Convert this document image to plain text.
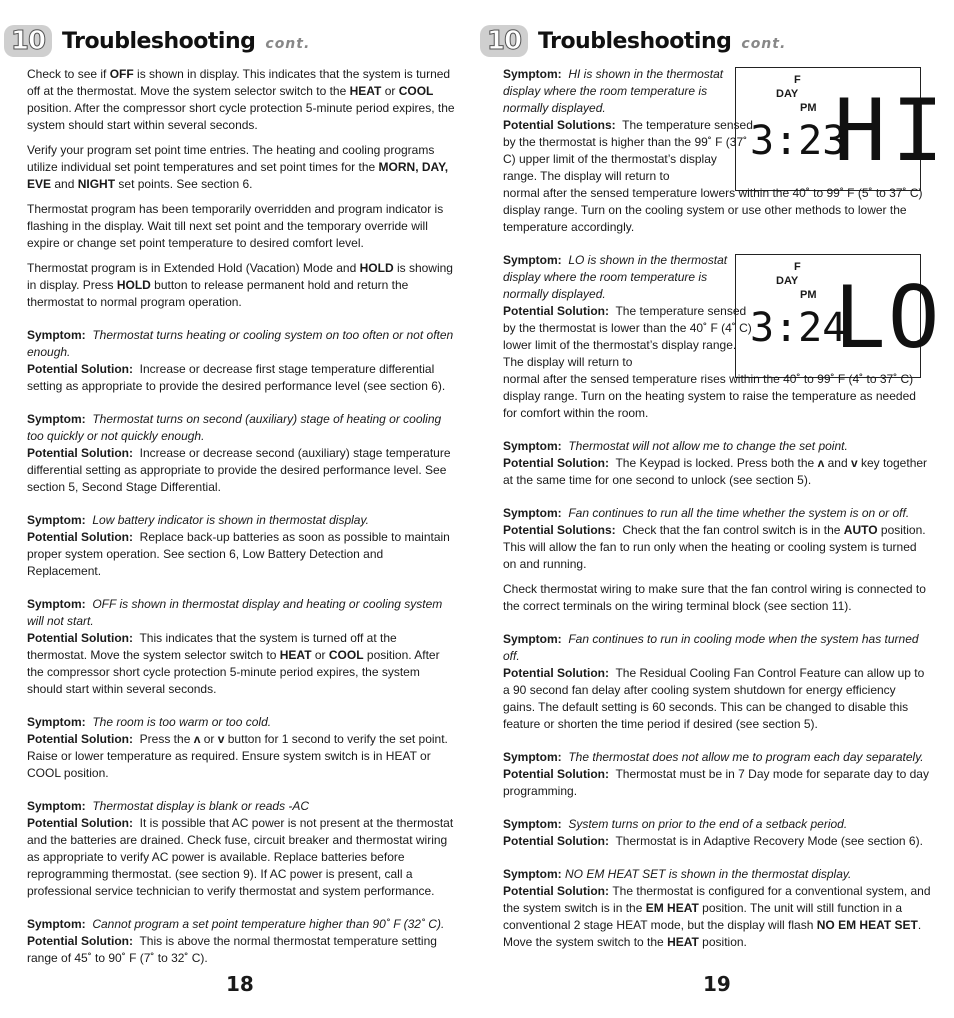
10 Troubleshooting cont.

Check to see if OFF is shown in display. This indicates that the system is turned off at the thermostat. Move the system selector switch to the HEAT or COOL position. After the compressor short cycle protection 5-minute period expires, the system should start within several seconds.

Verify your program set point time entries. The heating and cooling programs utilize individual set point temperatures and set point times for the MORN, DAY, EVE and NIGHT set points. See section 6.

Thermostat program has been temporarily overridden and program indicator is flashing in the display. Wait till next set point and the temporary override will expire or change set point temperature to desired comfort level.

Thermostat program is in Extended Hold (Vacation) Mode and HOLD is showing in display. Press HOLD button to release permanent hold and return the thermostat to normal program operation.

Symptom: Thermostat turns heating or cooling system on too often or not often enough.
Potential Solution: Increase or decrease first stage temperature differential setting as appropriate to provide the desired performance level (see section 6).
Symptom: Thermostat turns on second (auxiliary) stage of heating or cooling too quickly or not quickly enough.
Potential Solution: Increase or decrease second (auxiliary) stage temperature differential setting as appropriate to provide the desired performance level. See section 5, Second Stage Differential.
Symptom: Low battery indicator is shown in thermostat display.
Potential Solution: Replace back-up batteries as soon as possible to maintain proper system operation. See section 6, Low Battery Detection and Replacement.
Symptom: OFF is shown in thermostat display and heating or cooling system will not start.
Potential Solution: This indicates that the system is turned off at the thermostat. Move the system selector switch to HEAT or COOL position. After the compressor short cycle protection 5-minute period expires, the system should start within several seconds.
Symptom: The room is too warm or too cold.
Potential Solution: Press the ʌ or v button for 1 second to verify the set point. Raise or lower temperature as required. Ensure system switch is in HEAT or COOL position.
Symptom: Thermostat display is blank or reads -AC
Potential Solution: It is possible that AC power is not present at the thermostat and the batteries are drained. Check fuse, circuit breaker and thermostat wiring as appropriate to verify AC power is available. Replace batteries before reprogramming thermostat. (see section 9). If AC power is present, call a professional service technician to verify thermostat and system performance.
Symptom: Cannot program a set point temperature higher than 90˚ F (32˚ C).
Potential Solution: This is above the normal thermostat temperature setting range of 45˚ to 90˚ F (7˚ to 32˚ C).
18
10 Troubleshooting cont.
F
DAY
PM
3:23
HI
F
DAY
PM
3:24
LO
Symptom: HI is shown in the thermostat display where the room temperature is normally displayed.
Potential Solutions: The temperature sensed by the thermostat is higher than the 99˚ F (37˚ C) upper limit of the thermostat’s display range. The display will return to
normal after the sensed temperature lowers within the 40˚ to 99˚ F (5˚ to 37˚ C) display range. Turn on the cooling system or use other methods to lower the temperature accordingly.
Symptom: LO is shown in the thermostat display where the room temperature is normally displayed.
Potential Solution: The temperature sensed by the thermostat is lower than the 40˚ F (4˚ C) lower limit of the thermostat’s display range. The display will return to
normal after the sensed temperature rises within the 40˚ to 99˚ F (4˚ to 37˚ C) display range. Turn on the heating system to raise the temperature as needed for comfort within the room.
Symptom: Thermostat will not allow me to change the set point.
Potential Solution: The Keypad is locked. Press both the ʌ and v key together at the same time for one second to unlock (see section 5).
Symptom: Fan continues to run all the time whether the system is on or off.
Potential Solutions: Check that the fan control switch is in the AUTO position. This will allow the fan to run only when the heating or cooling system is turned on and running.

Check thermostat wiring to make sure that the fan control wiring is connected to the correct terminals on the wiring terminal block (see section 11).

Symptom: Fan continues to run in cooling mode when the system has turned off.
Potential Solution: The Residual Cooling Fan Control Feature can allow up to a 90 second fan delay after cooling system shutdown for energy efficiency gains. The default setting is 60 seconds. This can be changed to disable this feature or shorten the time period if desired (see section 5).
Symptom: The thermostat does not allow me to program each day separately.
Potential Solution: Thermostat must be in 7 Day mode for separate day to day programming.
Symptom: System turns on prior to the end of a setback period.
Potential Solution: Thermostat is in Adaptive Recovery Mode (see section 6).
Symptom: NO EM HEAT SET is shown in the thermostat display.
Potential Solution: The thermostat is configured for a conventional system, and the system switch is in the EM HEAT position. The unit will still function in a conventional 2 stage HEAT mode, but the display will flash NO EM HEAT SET. Move the system switch to the HEAT position.
19
